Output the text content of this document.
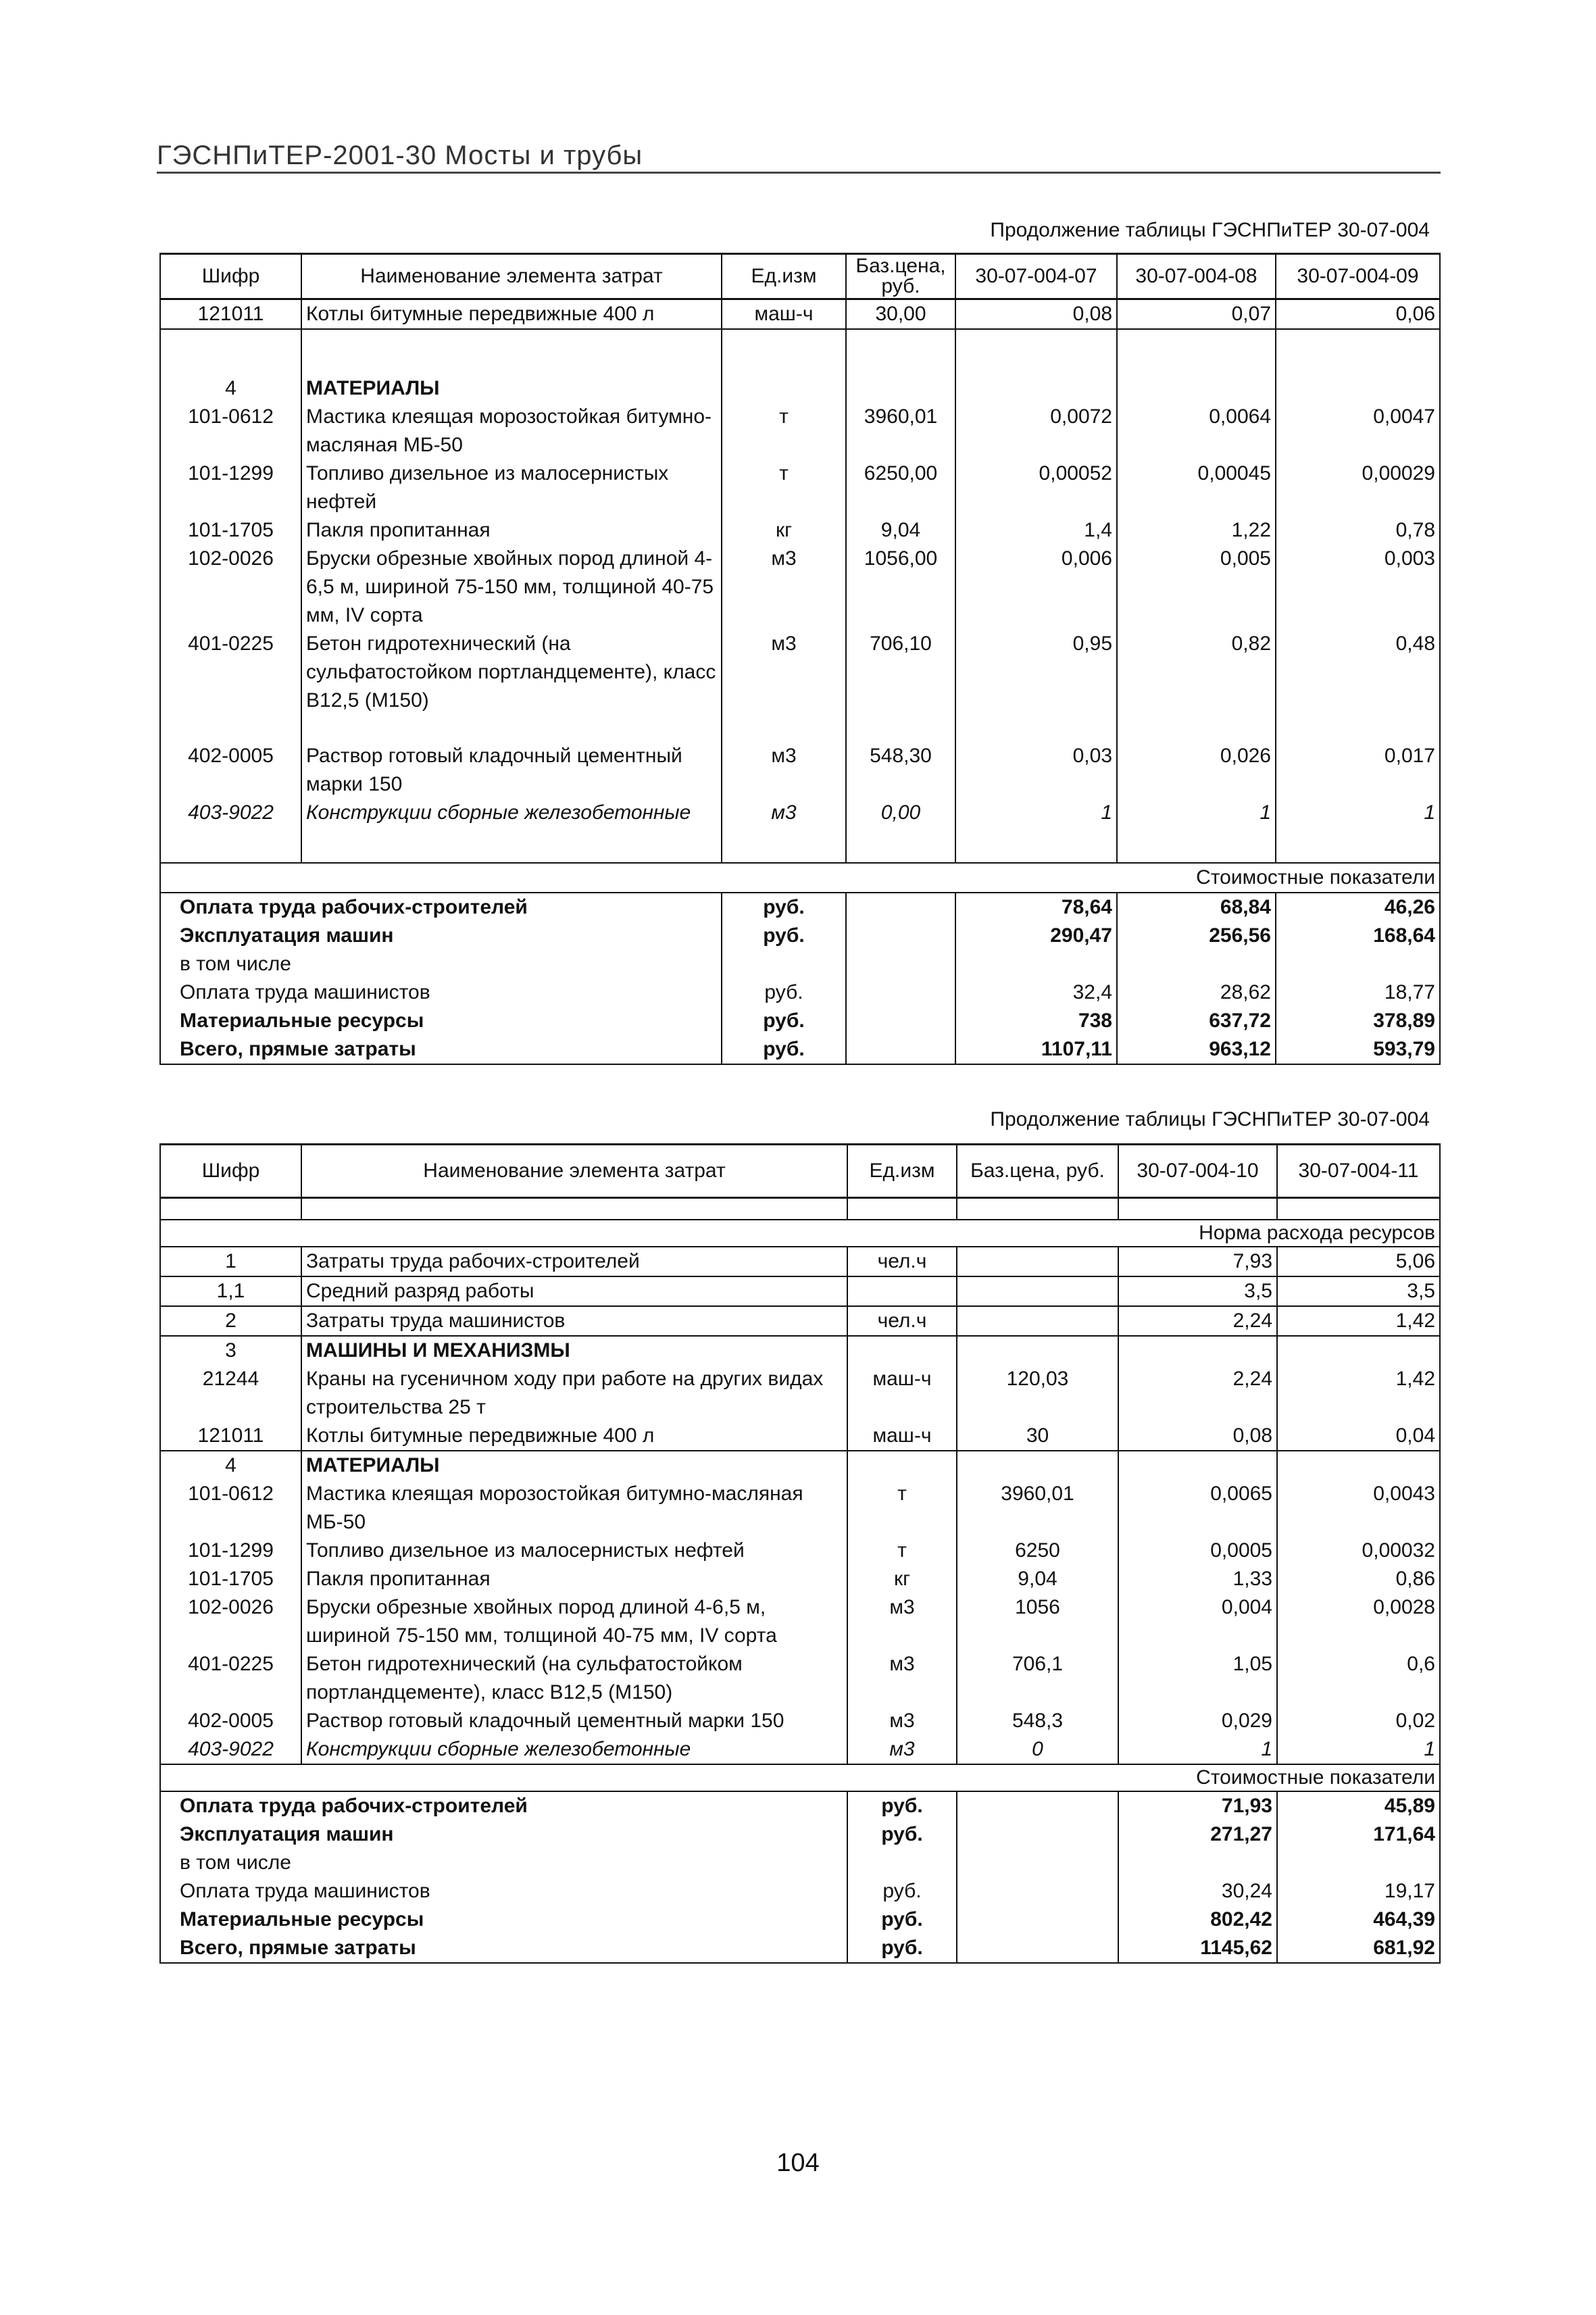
ГЭСНПиТЕР-2001-30 Мосты и трубы
Продолжение таблицы ГЭСНПиТЕР 30-07-004
Шифр	Наименование элемента затрат	Ед.изм	Баз.цена, руб.	30-07-004-07	30-07-004-08	30-07-004-09
121011	Котлы битумные передвижные 400 л	маш-ч	30,00	0,08	0,07	0,06

4	МАТЕРИАЛЫ					
101-0612	Мастика клеящая морозостойкая битумно-масляная МБ-50	т	3960,01	0,0072	0,0064	0,0047
101-1299	Топливо дизельное из малосернистых нефтей	т	6250,00	0,00052	0,00045	0,00029
101-1705	Пакля пропитанная	кг	9,04	1,4	1,22	0,78
102-0026	Бруски обрезные хвойных пород длиной 4-6,5 м, шириной 75-150 мм, толщиной 40-75 мм, IV сорта	м3	1056,00	0,006	0,005	0,003
401-0225	Бетон гидротехнический (на сульфатостойком портландцементе), класс В12,5 (М150)	м3	706,10	0,95	0,82	0,48

402-0005	Раствор готовый кладочный цементный марки 150	м3	548,30	0,03	0,026	0,017
403-9022	Конструкции сборные железобетонные	м3	0,00	1	1	1

Стоимостные показатели						
Оплата труда рабочих-строителей		руб.		78,64	68,84	46,26
Эксплуатация машин		руб.		290,47	256,56	168,64
в том числе						
Оплата труда машинистов		руб.		32,4	28,62	18,77
Материальные ресурсы		руб.		738	637,72	378,89
Всего, прямые затраты		руб.		1107,11	963,12	593,79
Продолжение таблицы ГЭСНПиТЕР 30-07-004
Шифр	Наименование элемента затрат	Ед.изм	Баз.цена, руб.	30-07-004-10	30-07-004-11

Норма расхода ресурсов					
1	Затраты труда рабочих-строителей	чел.ч		7,93	5,06
1,1	Средний разряд работы			3,5	3,5
2	Затраты труда машинистов	чел.ч		2,24	1,42
3	МАШИНЫ И МЕХАНИЗМЫ				
21244	Краны на гусеничном ходу при работе на других видах строительства 25 т	маш-ч	120,03	2,24	1,42
121011	Котлы битумные передвижные 400 л	маш-ч	30	0,08	0,04
4	МАТЕРИАЛЫ				
101-0612	Мастика клеящая морозостойкая битумно-масляная МБ-50	т	3960,01	0,0065	0,0043
101-1299	Топливо дизельное из малосернистых нефтей	т	6250	0,0005	0,00032
101-1705	Пакля пропитанная	кг	9,04	1,33	0,86
102-0026	Бруски обрезные хвойных пород длиной 4-6,5 м, шириной 75-150 мм, толщиной 40-75 мм, IV сорта	м3	1056	0,004	0,0028
401-0225	Бетон гидротехнический (на сульфатостойком портландцементе), класс В12,5 (М150)	м3	706,1	1,05	0,6
402-0005	Раствор готовый кладочный цементный марки 150	м3	548,3	0,029	0,02
403-9022	Конструкции сборные железобетонные	м3	0	1	1
Стоимостные показатели					
Оплата труда рабочих-строителей		руб.		71,93	45,89
Эксплуатация машин		руб.		271,27	171,64
в том числе					
Оплата труда машинистов		руб.		30,24	19,17
Материальные ресурсы		руб.		802,42	464,39
Всего, прямые затраты		руб.		1145,62	681,92
104
